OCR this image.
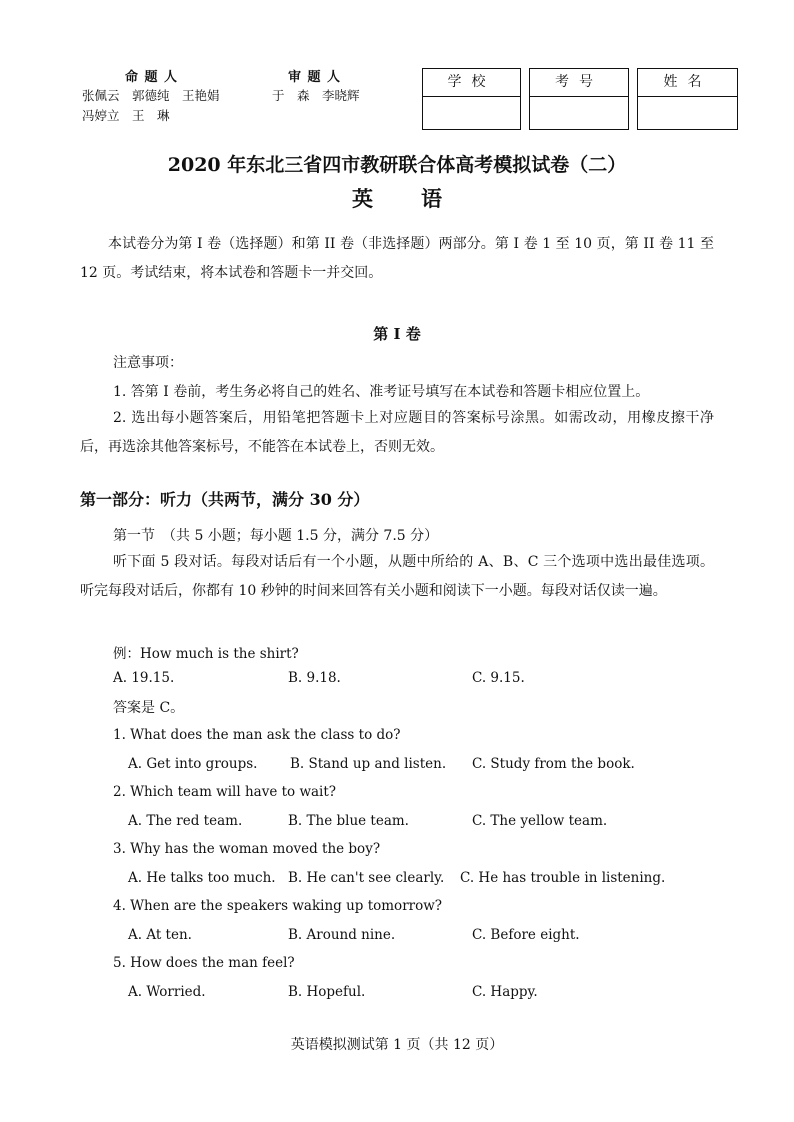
命 题 人	审 题 人
张佩云　郭德纯　王艳娟	于　森　李晓辉
冯婷立　王　琳
学校	考号	姓名
2020 年东北三省四市教研联合体高考模拟试卷（二）
英语
本试卷分为第 I 卷（选择题）和第 II 卷（非选择题）两部分。第 I 卷 1 至 10 页，第 II 卷 11 至 12 页。考试结束，将本试卷和答题卡一并交回。
第 I 卷
注意事项：
1. 答第 I 卷前，考生务必将自己的姓名、准考证号填写在本试卷和答题卡相应位置上。
2. 选出每小题答案后，用铅笔把答题卡上对应题目的答案标号涂黑。如需改动，用橡皮擦干净后，再选涂其他答案标号，不能答在本试卷上，否则无效。
第一部分：听力（共两节，满分 30 分）
第一节　（共 5 小题；每小题 1.5 分，满分 7.5 分）
听下面 5 段对话。每段对话后有一个小题，从题中所给的 A、B、C 三个选项中选出最佳选项。听完每段对话后，你都有 10 秒钟的时间来回答有关小题和阅读下一小题。每段对话仅读一遍。
例：How much is the shirt?
A. 19.15.	B. 9.18.	C. 9.15.
答案是 C。
1. What does the man ask the class to do?
A. Get into groups. B. Stand up and listen. C. Study from the book.
2. Which team will have to wait?
A. The red team.	B. The blue team.	C. The yellow team.
3. Why has the woman moved the boy?
A. He talks too much. B. He can't see clearly. C. He has trouble in listening.
4. When are the speakers waking up tomorrow?
A. At ten.	B. Around nine.	C. Before eight.
5. How does the man feel?
A. Worried.	B. Hopeful.	C. Happy.
英语模拟测试第 1 页（共 12 页）
